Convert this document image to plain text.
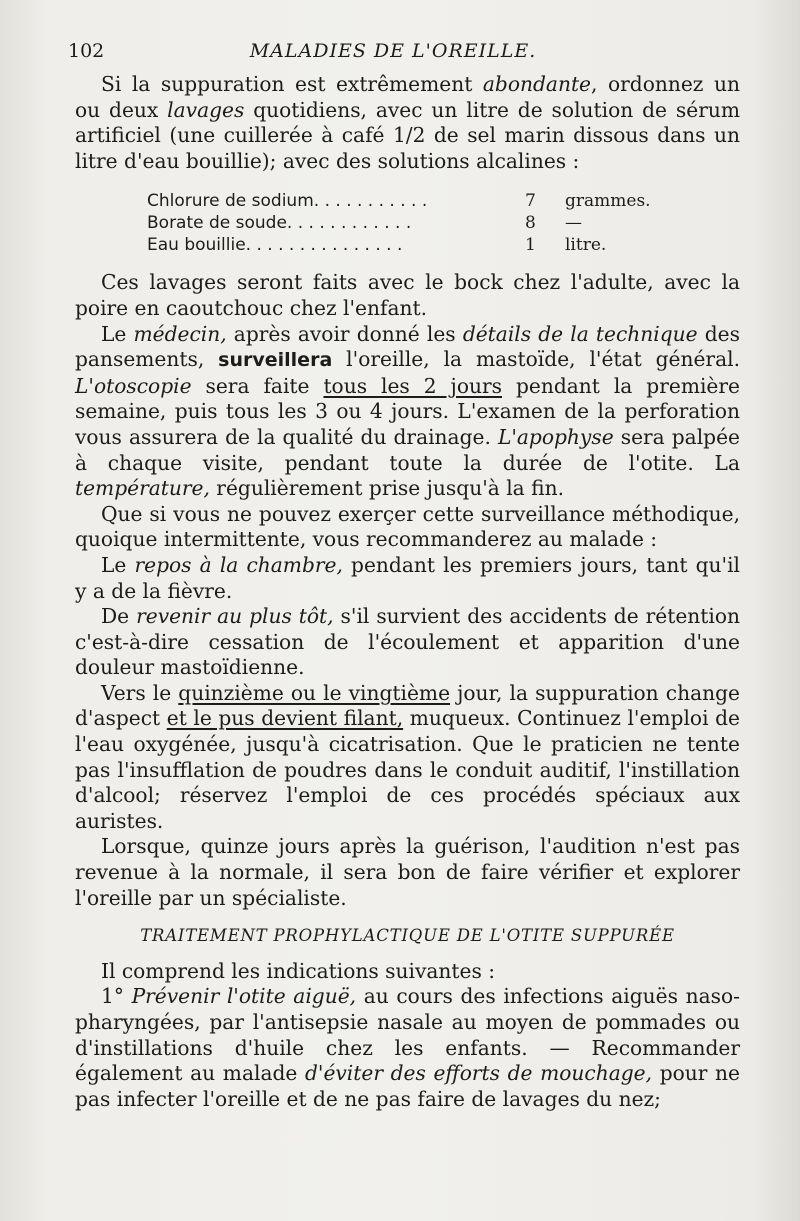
102	MALADIES DE L'OREILLE.

Si la suppuration est extrêmement abondante, ordonnez un ou deux lavages quotidiens, avec un litre de solution de sérum artificiel (une cuillerée à café 1/2 de sel marin dissous dans un litre d'eau bouillie); avec des solutions alcalines :

Chlorure de sodium. . . . . . . . . . .	7	grammes.
Borate de soude. . . . . . . . . . . .	8	—
Eau bouillie. . . . . . . . . . . . . . .	1	litre.

Ces lavages seront faits avec le bock chez l'adulte, avec la poire en caoutchouc chez l'enfant.

Le médecin, après avoir donné les détails de la technique des pansements, surveillera l'oreille, la mastoïde, l'état général. L'otoscopie sera faite tous les 2 jours pendant la première semaine, puis tous les 3 ou 4 jours. L'examen de la perforation vous assurera de la qualité du drainage. L'apophyse sera palpée à chaque visite, pendant toute la durée de l'otite. La température, régulièrement prise jusqu'à la fin.

Que si vous ne pouvez exerçer cette surveillance méthodique, quoique intermittente, vous recommanderez au malade :

Le repos à la chambre, pendant les premiers jours, tant qu'il y a de la fièvre.

De revenir au plus tôt, s'il survient des accidents de rétention c'est-à-dire cessation de l'écoulement et apparition d'une douleur mastoïdienne.

Vers le quinzième ou le vingtième jour, la suppuration change d'aspect et le pus devient filant, muqueux. Continuez l'emploi de l'eau oxygénée, jusqu'à cicatrisation. Que le praticien ne tente pas l'insufflation de poudres dans le conduit auditif, l'instillation d'alcool; réservez l'emploi de ces procédés spéciaux aux auristes.

Lorsque, quinze jours après la guérison, l'audition n'est pas revenue à la normale, il sera bon de faire vérifier et explorer l'oreille par un spécialiste.

TRAITEMENT PROPHYLACTIQUE DE L'OTITE SUPPURÉE

Il comprend les indications suivantes :

1° Prévenir l'otite aiguë, au cours des infections aiguës naso-pharyngées, par l'antisepsie nasale au moyen de pommades ou d'instillations d'huile chez les enfants. — Recommander également au malade d'éviter des efforts de mouchage, pour ne pas infecter l'oreille et de ne pas faire de lavages du nez;
